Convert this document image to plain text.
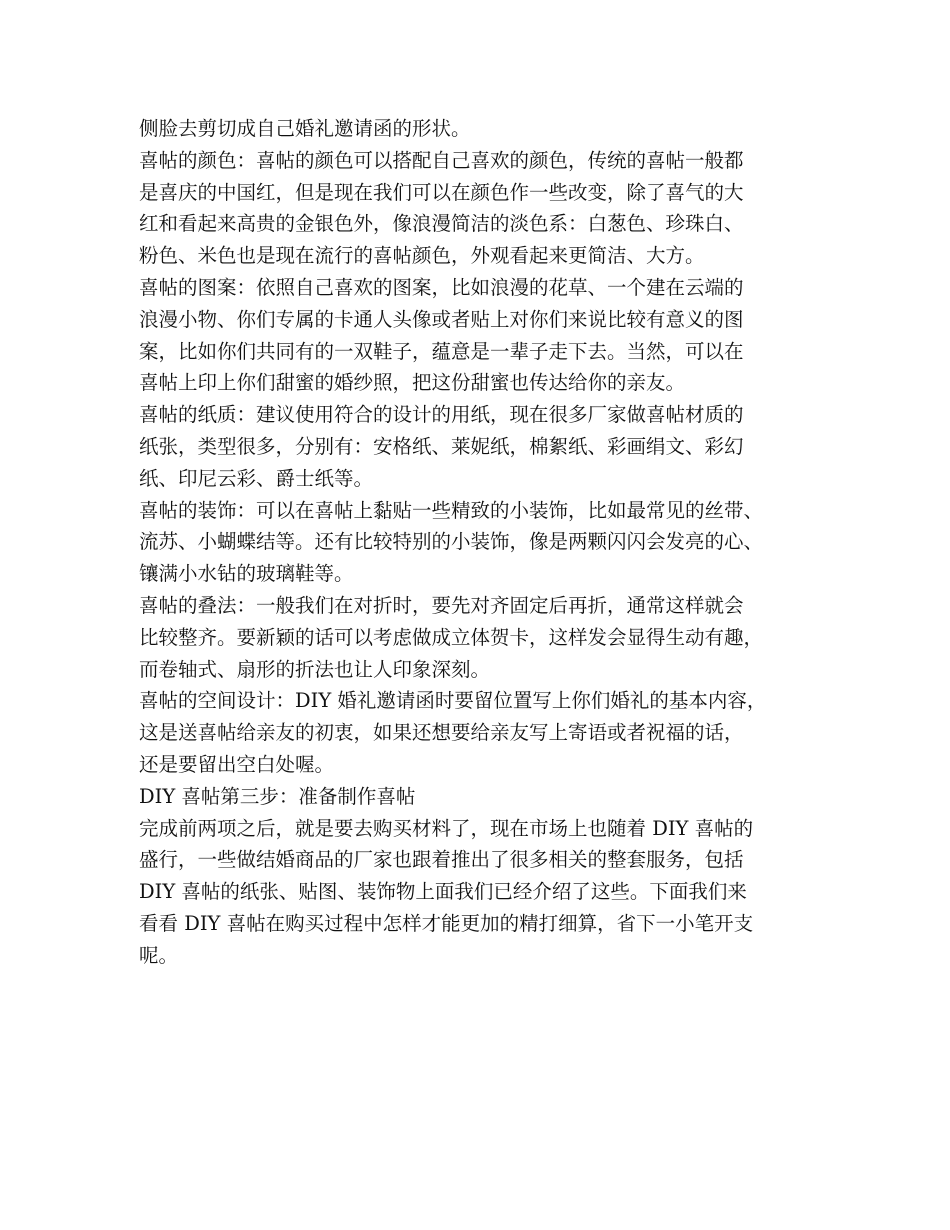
侧脸去剪切成自己婚礼邀请函的形状。

喜帖的颜色：喜帖的颜色可以搭配自己喜欢的颜色，传统的喜帖一般都
是喜庆的中国红，但是现在我们可以在颜色作一些改变，除了喜气的大
红和看起来高贵的金银色外，像浪漫简洁的淡色系：白葱色、珍珠白、
粉色、米色也是现在流行的喜帖颜色，外观看起来更简洁、大方。

喜帖的图案：依照自己喜欢的图案，比如浪漫的花草、一个建在云端的
浪漫小物、你们专属的卡通人头像或者贴上对你们来说比较有意义的图
案，比如你们共同有的一双鞋子，蕴意是一辈子走下去。当然，可以在
喜帖上印上你们甜蜜的婚纱照，把这份甜蜜也传达给你的亲友。

喜帖的纸质：建议使用符合的设计的用纸，现在很多厂家做喜帖材质的
纸张，类型很多，分别有：安格纸、莱妮纸，棉絮纸、彩画绢文、彩幻
纸、印尼云彩、爵士纸等。

喜帖的装饰：可以在喜帖上黏贴一些精致的小装饰，比如最常见的丝带、
流苏、小蝴蝶结等。还有比较特别的小装饰，像是两颗闪闪会发亮的心、
镶满小水钻的玻璃鞋等。

喜帖的叠法：一般我们在对折时，要先对齐固定后再折，通常这样就会
比较整齐。要新颖的话可以考虑做成立体贺卡，这样发会显得生动有趣，
而卷轴式、扇形的折法也让人印象深刻。

喜帖的空间设计：DIY 婚礼邀请函时要留位置写上你们婚礼的基本内容，
这是送喜帖给亲友的初衷，如果还想要给亲友写上寄语或者祝福的话，
还是要留出空白处喔。

DIY 喜帖第三步：准备制作喜帖

完成前两项之后，就是要去购买材料了，现在市场上也随着 DIY 喜帖的
盛行，一些做结婚商品的厂家也跟着推出了很多相关的整套服务，包括
DIY 喜帖的纸张、贴图、装饰物上面我们已经介绍了这些。下面我们来
看看 DIY 喜帖在购买过程中怎样才能更加的精打细算，省下一小笔开支
呢。
